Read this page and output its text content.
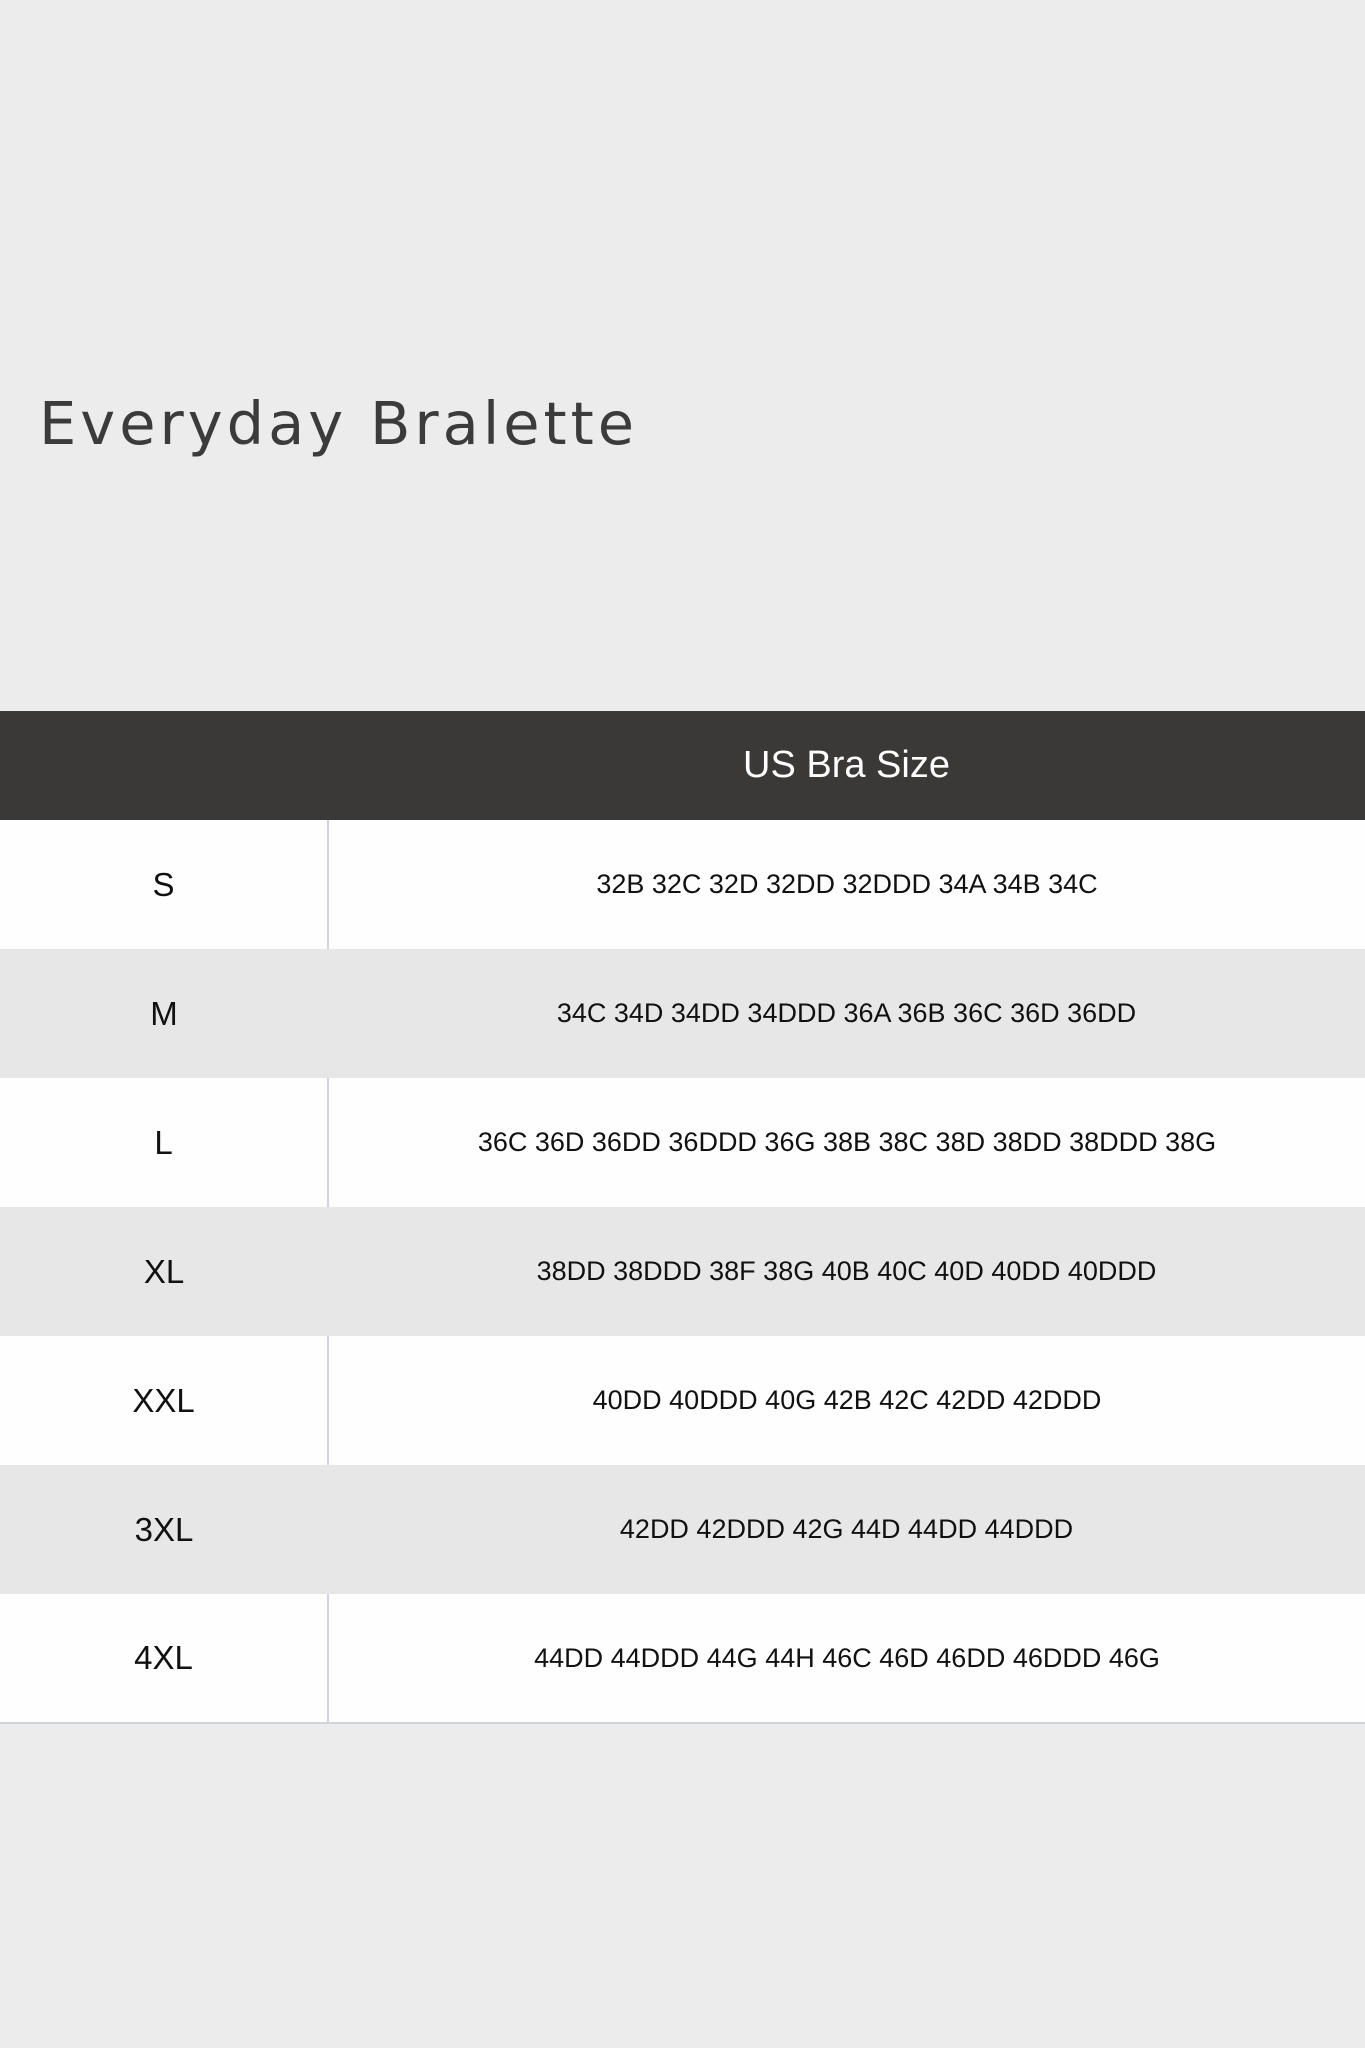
Everyday Bralette
	US Bra Size
S	32B 32C 32D 32DD 32DDD 34A 34B 34C
M	34C 34D 34DD 34DDD 36A 36B 36C 36D 36DD
L	36C 36D 36DD 36DDD 36G 38B 38C 38D 38DD 38DDD 38G
XL	38DD 38DDD 38F 38G 40B 40C 40D 40DD 40DDD
XXL	40DD 40DDD 40G 42B 42C 42DD 42DDD
3XL	42DD 42DDD 42G 44D 44DD 44DDD
4XL	44DD 44DDD 44G 44H 46C 46D 46DD 46DDD 46G
